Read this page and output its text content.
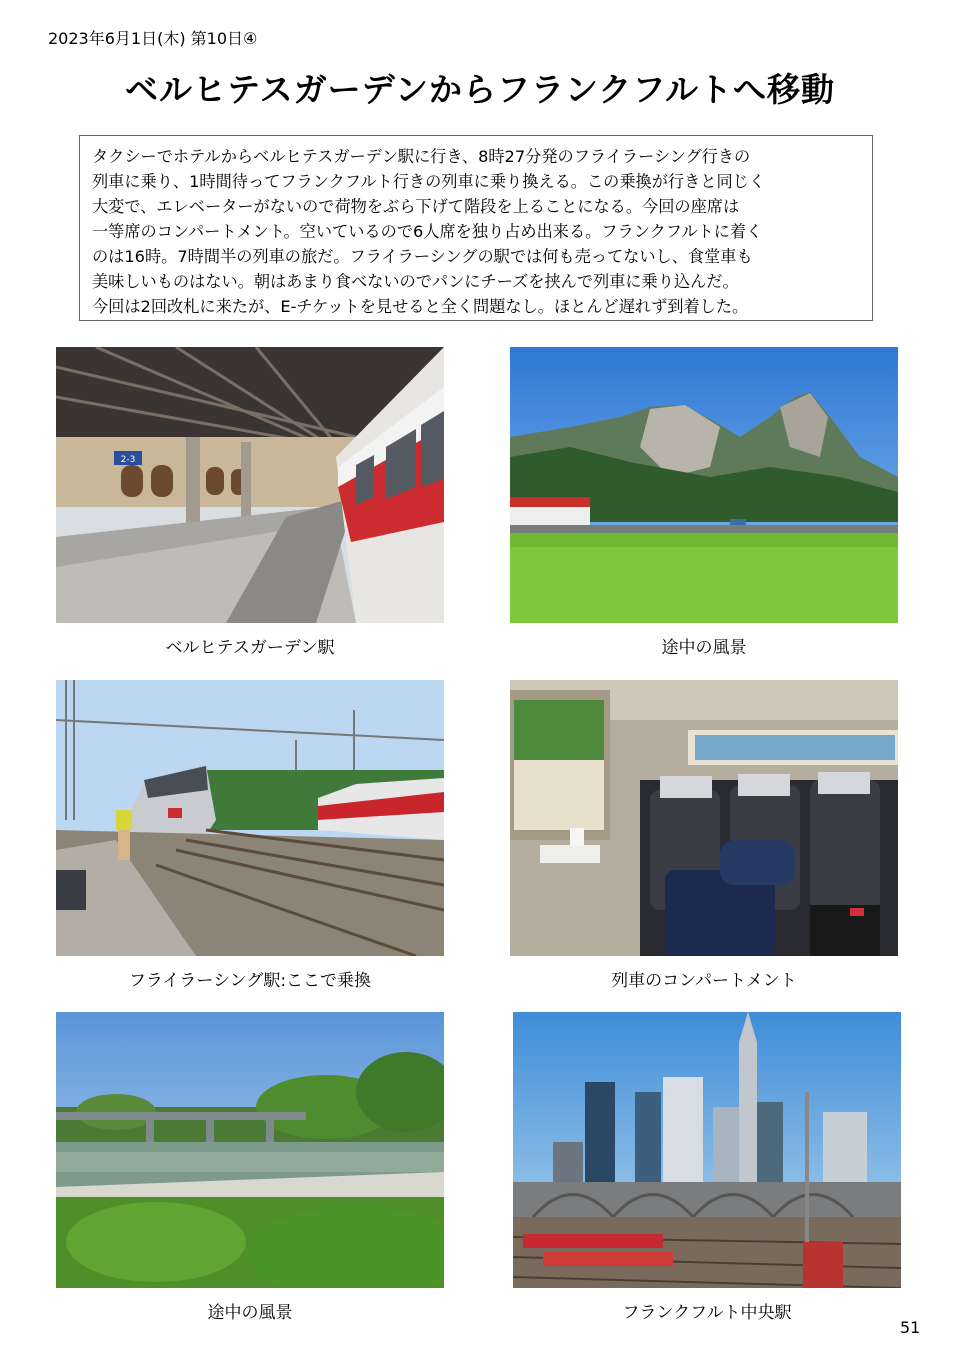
2023年6月1日(木) 第10日④
ベルヒテスガーデンからフランクフルトへ移動
タクシーでホテルからベルヒテスガーデン駅に行き、8時27分発のフライラーシング行きの
列車に乗り、1時間待ってフランクフルト行きの列車に乗り換える。この乗換が行きと同じく
大変で、エレベーターがないので荷物をぶら下げて階段を上ることになる。今回の座席は
一等席のコンパートメント。空いているので6人席を独り占め出来る。フランクフルトに着く
のは16時。7時間半の列車の旅だ。フライラーシングの駅では何も売ってないし、食堂車も
美味しいものはない。朝はあまり食べないのでパンにチーズを挟んで列車に乗り込んだ。
今回は2回改札に来たが、E-チケットを見せると全く問題なし。ほとんど遅れず到着した。
2-3
ベルヒテスガーデン駅	途中の風景
フライラーシング駅:ここで乗換	列車のコンパートメント
途中の風景	フランクフルト中央駅
51
